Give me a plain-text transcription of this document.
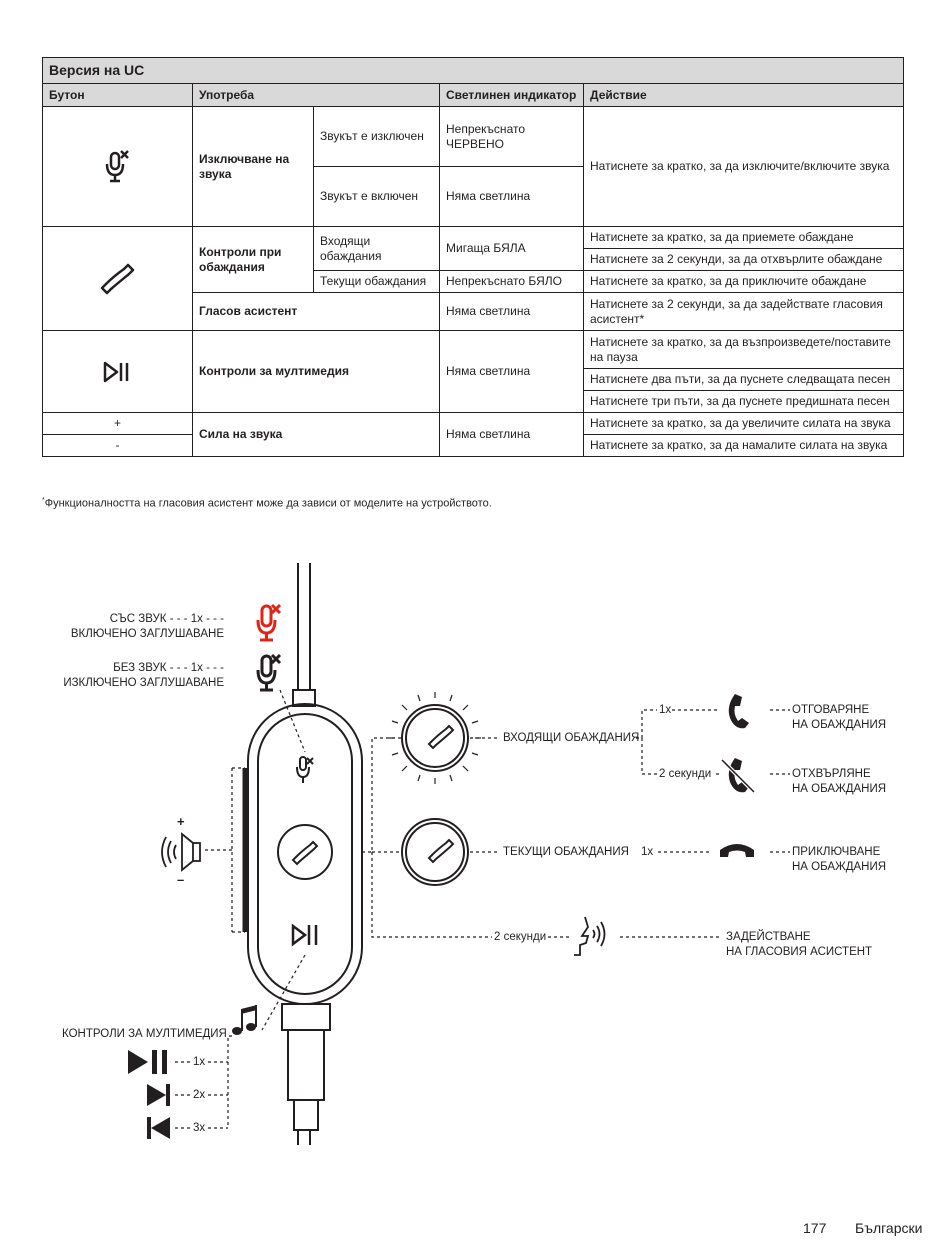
Версия на UC				
Бутон	Употреба		Светлинен индикатор	Действие
	Изключване на звука	Звукът е изключен	Непрекъснато ЧЕРВЕНО	Натиснете за кратко, за да изключите/включите звука
		Звукът е включен	Няма светлина	
	Контроли при обаждания	Входящи обаждания	Мигаща БЯЛА	Натиснете за кратко, за да приемете обаждане
				Натиснете за 2 секунди, за да отхвърлите обаждане
		Текущи обаждания	Непрекъснато БЯЛО	Натиснете за кратко, за да приключите обаждане
	Гласов асистент		Няма светлина	Натиснете за 2 секунди, за да задействате гласовия асистент*
	Контроли за мултимедия		Няма светлина	Натиснете за кратко, за да възпроизведете/поставите на пауза
				Натиснете два пъти, за да пуснете следващата песен
				Натиснете три пъти, за да пуснете предишната песен
+	Сила на звука		Няма светлина	Натиснете за кратко, за да увеличите силата на звука
-				Натиснете за кратко, за да намалите силата на звука
*Функционалността на гласовия асистент може да зависи от моделите на устройството.
СЪС ЗВУК - - - 1x - - -
ВКЛЮЧЕНО ЗАГЛУШАВАНЕ
БЕЗ ЗВУК - - - 1x - - -
ИЗКЛЮЧЕНО ЗАГЛУШАВАНЕ
ВХОДЯЩИ ОБАЖДАНИЯ
1x
2 секунди
ОТГОВАРЯНЕ
НА ОБАЖДАНИЯ
ОТХВЪРЛЯНЕ
НА ОБАЖДАНИЯ
ТЕКУЩИ ОБАЖДАНИЯ 1x	ПРИКЛЮЧВАНЕ
НА ОБАЖДАНИЯ
2 секунди	ЗАДЕЙСТВАНЕ
НА ГЛАСОВИЯ АСИСТЕНТ
+
–
КОНТРОЛИ ЗА МУЛТИМЕДИЯ
1x
2x
3x
177 Български
